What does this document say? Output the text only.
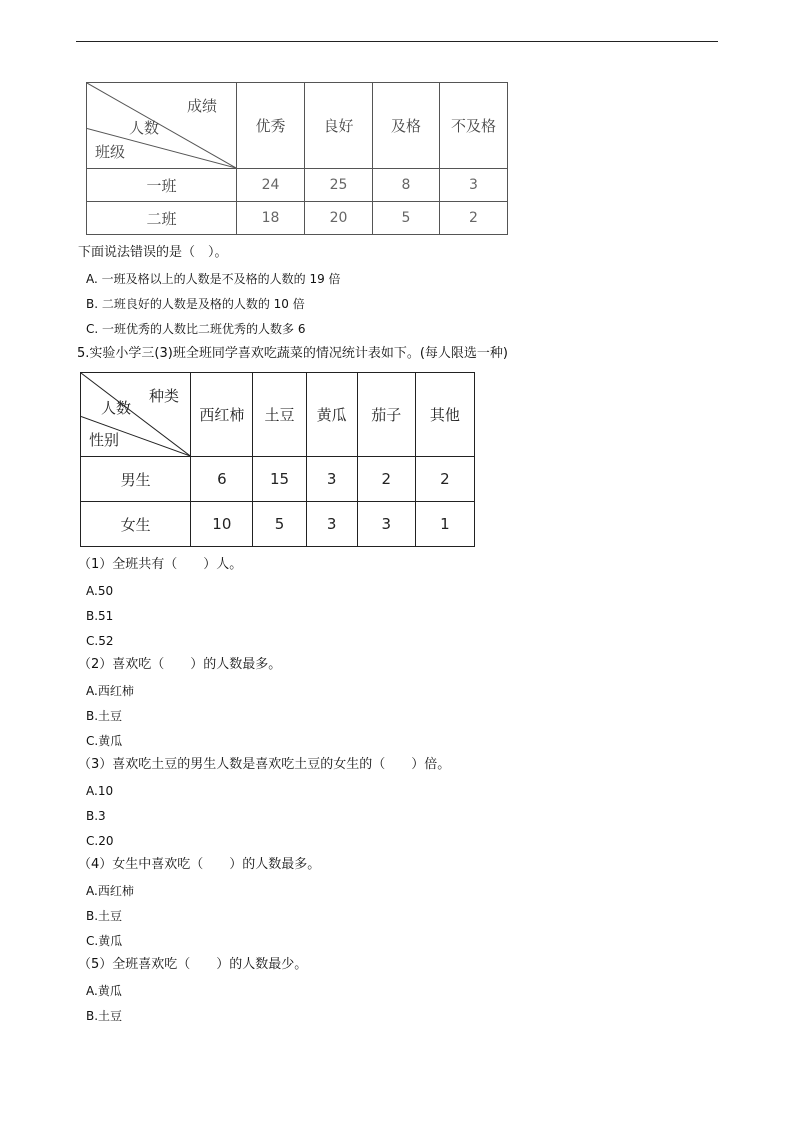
成绩
人数
班级	优秀	良好	及格	不及格
一班	24	25	8	3
二班	18	20	5	2
下面说法错误的是（　）。
A. 一班及格以上的人数是不及格的人数的 19 倍
B. 二班良好的人数是及格的人数的 10 倍
C. 一班优秀的人数比二班优秀的人数多 6
5.实验小学三(3)班全班同学喜欢吃蔬菜的情况统计表如下。(每人限选一种)
种类
人数
性别	西红柿	土豆	黄瓜	茄子	其他
男生	6	15	3	2	2
女生	10	5	3	3	1
（1）全班共有（　　）人。
A.50
B.51
C.52
（2）喜欢吃（　　）的人数最多。
A.西红柿
B.土豆
C.黄瓜
（3）喜欢吃土豆的男生人数是喜欢吃土豆的女生的（　　）倍。
A.10
B.3
C.20
（4）女生中喜欢吃（　　）的人数最多。
A.西红柿
B.土豆
C.黄瓜
（5）全班喜欢吃（　　）的人数最少。
A.黄瓜
B.土豆
